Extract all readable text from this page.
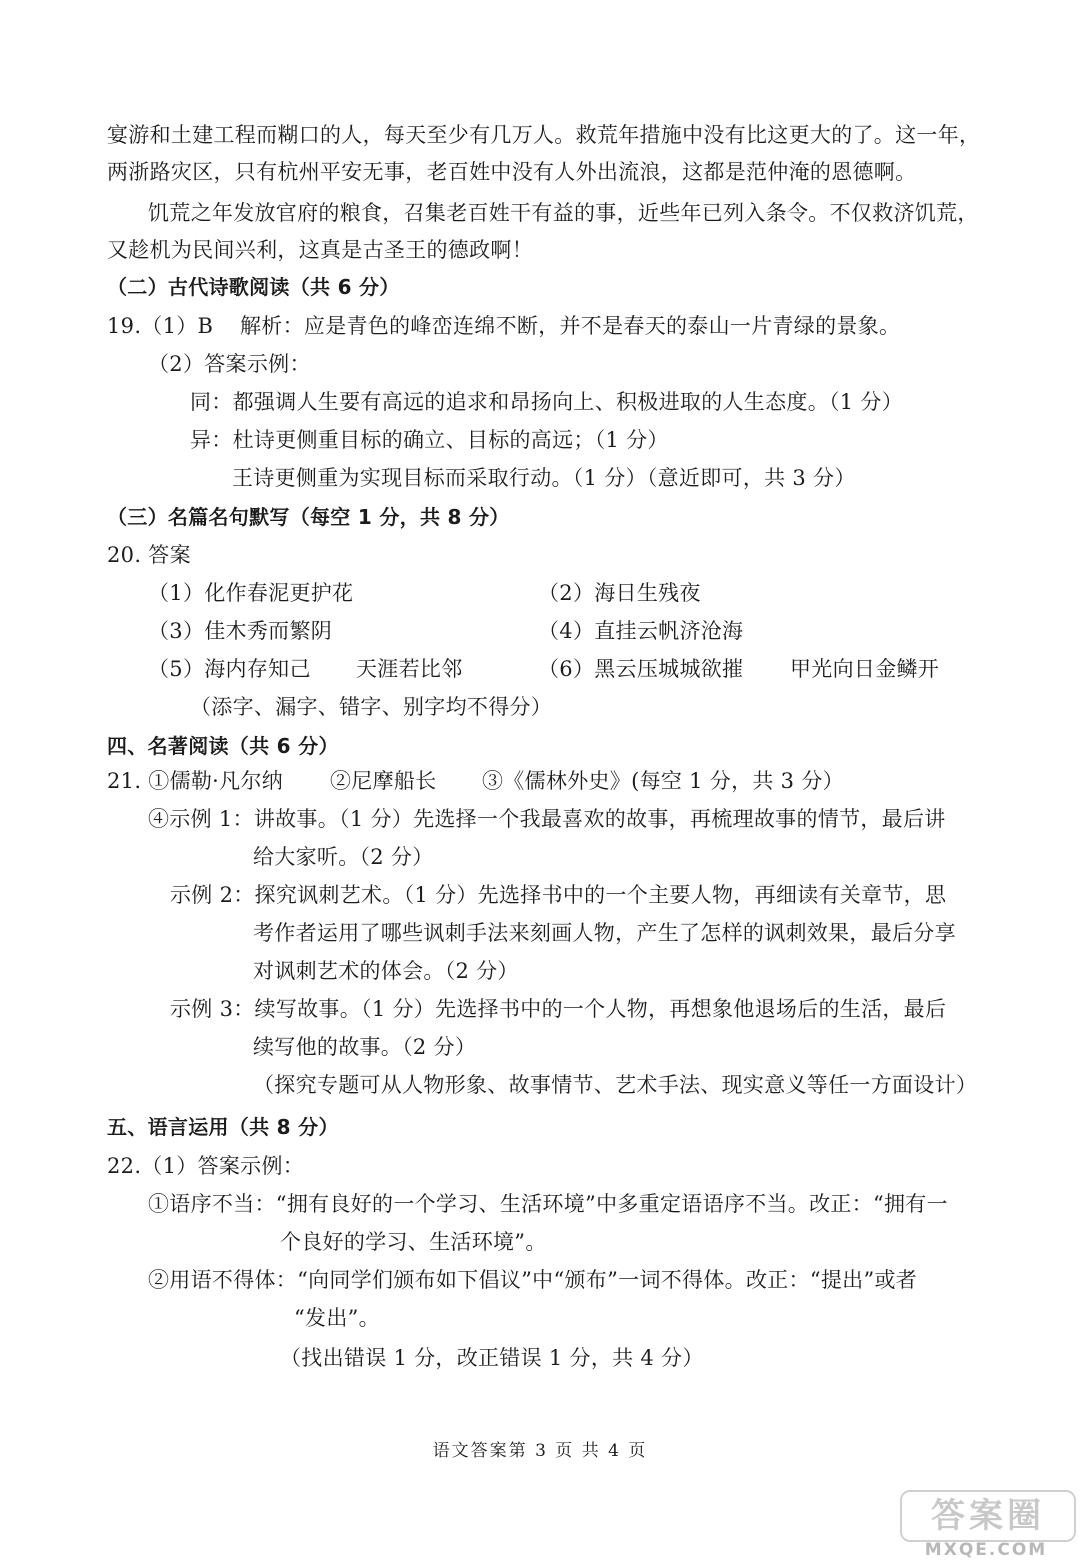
宴游和土建工程而糊口的人，每天至少有几万人。救荒年措施中没有比这更大的了。这一年，
两浙路灾区，只有杭州平安无事，老百姓中没有人外出流浪，这都是范仲淹的恩德啊。
饥荒之年发放官府的粮食，召集老百姓干有益的事，近些年已列入条令。不仅救济饥荒，
又趁机为民间兴利，这真是古圣王的德政啊！
（二）古代诗歌阅读（共 6 分）
19.（1）B 解析：应是青色的峰峦连绵不断，并不是春天的泰山一片青绿的景象。
（2）答案示例：
同：都强调人生要有高远的追求和昂扬向上、积极进取的人生态度。（1 分）
异：杜诗更侧重目标的确立、目标的高远；（1 分）
王诗更侧重为实现目标而采取行动。（1 分）（意近即可，共 3 分）
（三）名篇名句默写（每空 1 分，共 8 分）
20. 答案
（1）化作春泥更护花	（2）海日生残夜
（3）佳木秀而繁阴	（4）直挂云帆济沧海
（5）海内存知己 天涯若比邻	（6）黑云压城城欲摧 甲光向日金鳞开
（添字、漏字、错字、别字均不得分）
四、名著阅读（共 6 分）
21. ①儒勒·凡尔纳 ②尼摩船长 ③《儒林外史》(每空 1 分，共 3 分）
④示例 1：讲故事。（1 分）先选择一个我最喜欢的故事，再梳理故事的情节，最后讲
给大家听。（2 分）
示例 2：探究讽刺艺术。（1 分）先选择书中的一个主要人物，再细读有关章节，思
考作者运用了哪些讽刺手法来刻画人物，产生了怎样的讽刺效果，最后分享
对讽刺艺术的体会。（2 分）
示例 3：续写故事。（1 分）先选择书中的一个人物，再想象他退场后的生活，最后
续写他的故事。（2 分）
（探究专题可从人物形象、故事情节、艺术手法、现实意义等任一方面设计）
五、语言运用（共 8 分）
22.（1）答案示例：
①语序不当：“拥有良好的一个学习、生活环境”中多重定语语序不当。改正：“拥有一
个良好的学习、生活环境”。
②用语不得体：“向同学们颁布如下倡议”中“颁布”一词不得体。改正：“提出”或者
“发出”。
（找出错误 1 分，改正错误 1 分，共 4 分）
语文答案第 3 页 共 4 页
答案圈
MXQE.COM
